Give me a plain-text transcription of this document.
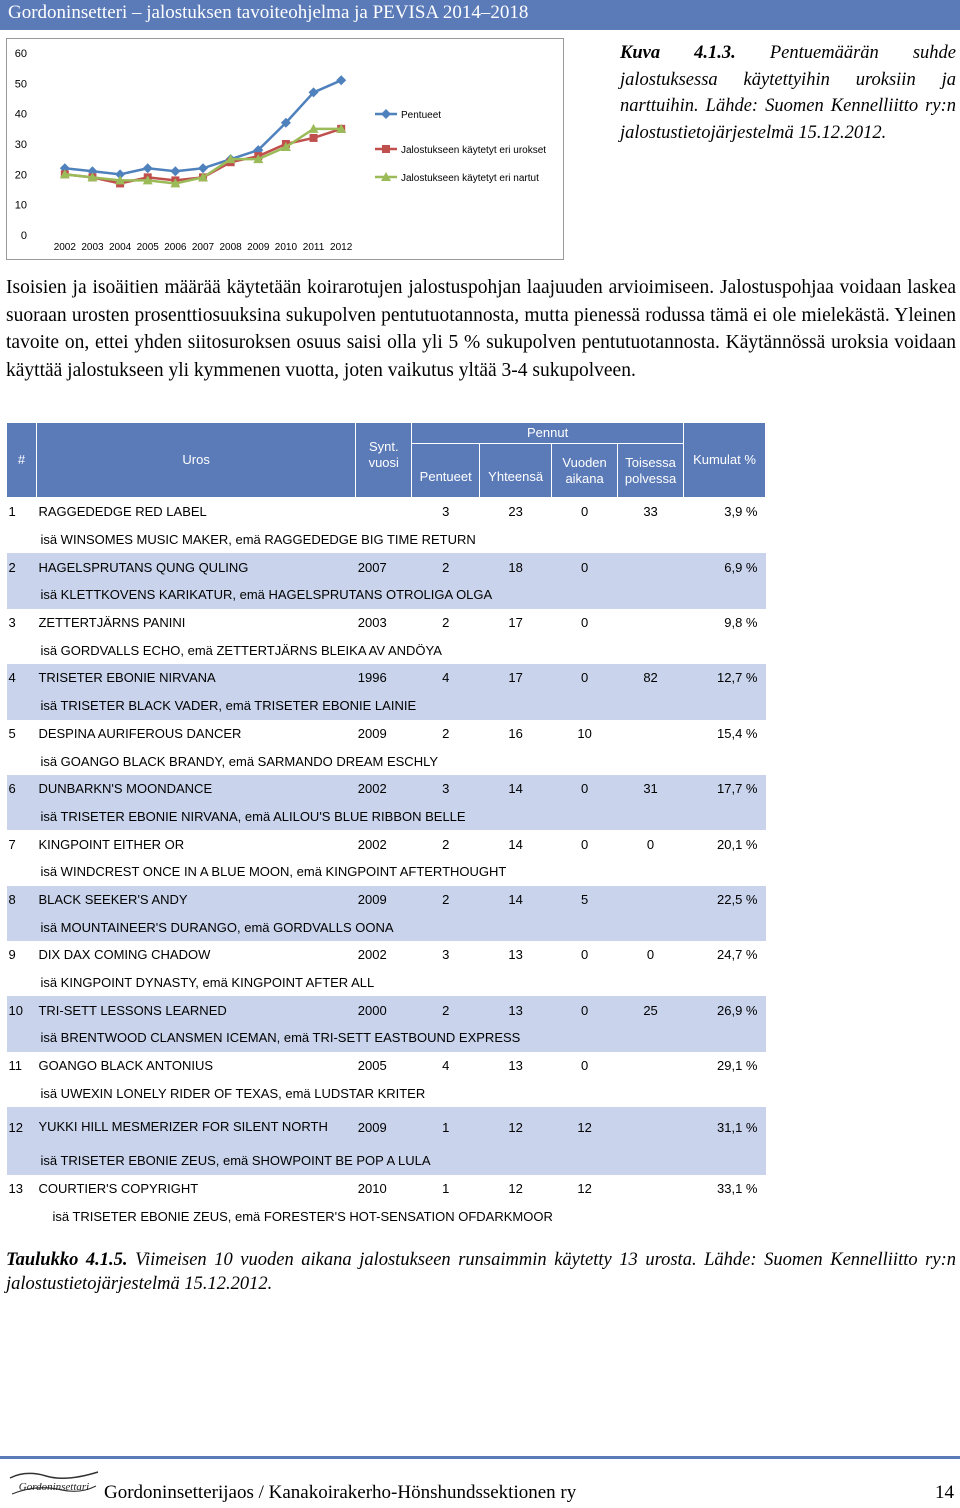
Gordoninsetteri – jalostuksen tavoiteohjelma ja PEVISA 2014–2018
60
50
40
30
20
10
0
2002 2003 2004 2005 2006 2007 2008 2009 2010 2011 2012
Pentueet
Jalostukseen käytetyt eri urokset
Jalostukseen käytetyt eri nartut
Kuva 4.1.3. Pentuemäärän suhde jalostuksessa käytettyihin uroksiin ja narttuihin. Lähde: Suomen Kennelliitto ry:n jalostustietojärjestelmä 15.12.2012.
Isoisien ja isoäitien määrää käytetään koirarotujen jalostuspohjan laajuuden arvioimiseen. Jalostuspohjaa voidaan laskea suoraan urosten prosenttiosuuksina sukupolven pentutuotannosta, mutta pienessä rodussa tämä ei ole mielekästä. Yleinen tavoite on, ettei yhden siitosuroksen osuus saisi olla yli 5 % sukupolven pentutuotannosta. Käytännössä uroksia voidaan käyttää jalostukseen yli kymmenen vuotta, joten vaikutus yltää 3-4 sukupolveen.
#	Uros	Synt. vuosi	Pennut				Kumulat %
			Pentueet	Yhteensä	Vuoden aikana	Toisessa polvessa	
1	RAGGEDEDGE RED LABEL		3	23	0	33	3,9 %
	isä WINSOMES MUSIC MAKER, emä RAGGEDEDGE BIG TIME RETURN						
2	HAGELSPRUTANS QUNG QULING	2007	2	18	0		6,9 %
	isä KLETTKOVENS KARIKATUR, emä HAGELSPRUTANS OTROLIGA OLGA						
3	ZETTERTJÄRNS PANINI	2003	2	17	0		9,8 %
	isä GORDVALLS ECHO, emä ZETTERTJÄRNS BLEIKA AV ANDÖYA						
4	TRISETER EBONIE NIRVANA	1996	4	17	0	82	12,7 %
	isä TRISETER BLACK VADER, emä TRISETER EBONIE LAINIE						
5	DESPINA AURIFEROUS DANCER	2009	2	16	10		15,4 %
	isä GOANGO BLACK BRANDY, emä SARMANDO DREAM ESCHLY						
6	DUNBARKN'S MOONDANCE	2002	3	14	0	31	17,7 %
	isä TRISETER EBONIE NIRVANA, emä ALILOU'S BLUE RIBBON BELLE						
7	KINGPOINT EITHER OR	2002	2	14	0	0	20,1 %
	isä WINDCREST ONCE IN A BLUE MOON, emä KINGPOINT AFTERTHOUGHT						
8	BLACK SEEKER'S ANDY	2009	2	14	5		22,5 %
	isä MOUNTAINEER'S DURANGO, emä GORDVALLS OONA						
9	DIX DAX COMING CHADOW	2002	3	13	0	0	24,7 %
	isä KINGPOINT DYNASTY, emä KINGPOINT AFTER ALL						
10	TRI-SETT LESSONS LEARNED	2000	2	13	0	25	26,9 %
	isä BRENTWOOD CLANSMEN ICEMAN, emä TRI-SETT EASTBOUND EXPRESS						
11	GOANGO BLACK ANTONIUS	2005	4	13	0		29,1 %
	isä UWEXIN LONELY RIDER OF TEXAS, emä LUDSTAR KRITER						
12	YUKKI HILL MESMERIZER FOR SILENT NORTH	2009	1	12	12		31,1 %
	isä TRISETER EBONIE ZEUS, emä SHOWPOINT BE POP A LULA						
13	COURTIER'S COPYRIGHT	2010	1	12	12		33,1 %
	isä TRISETER EBONIE ZEUS, emä FORESTER'S HOT-SENSATION OFDARKMOOR						
Taulukko 4.1.5. Viimeisen 10 vuoden aikana jalostukseen runsaimmin käytetty 13 urosta. Lähde: Suomen Kennelliitto ry:n jalostustietojärjestelmä 15.12.2012.
Gordoninsettari Gordoninsetterijaos / Kanakoirakerho-Hönshundssektionen ry	14
